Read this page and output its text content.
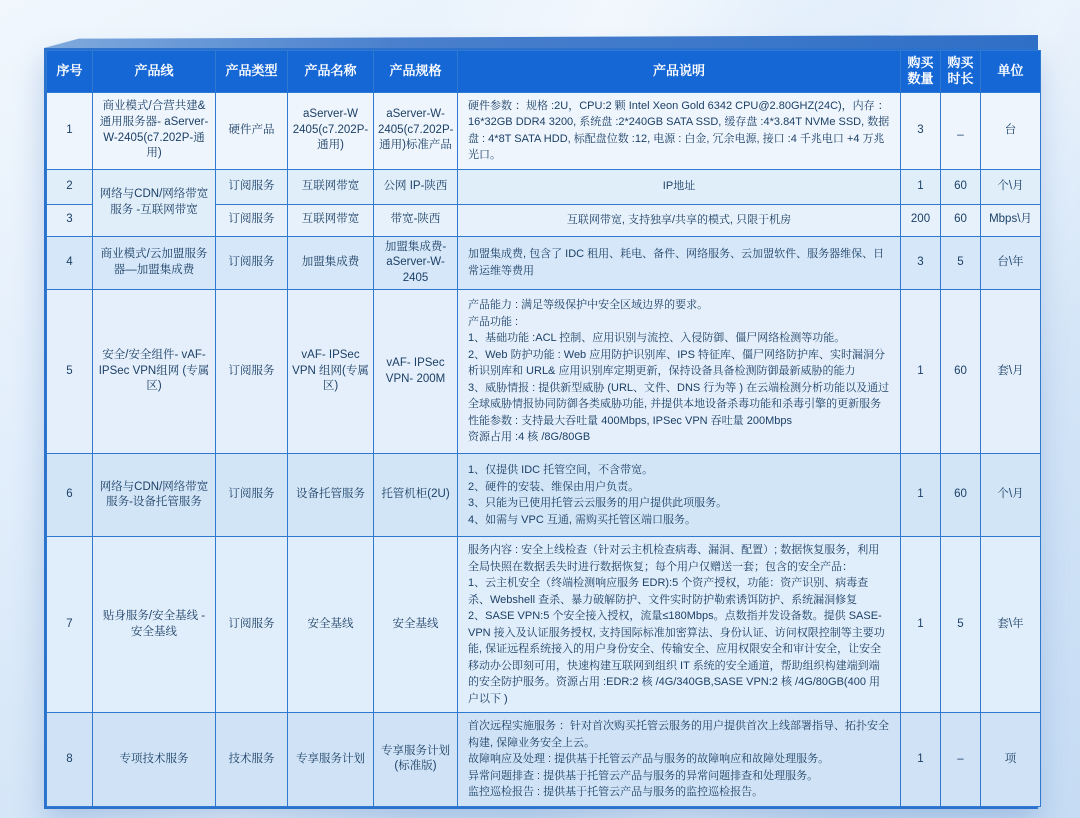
序号	产品线	产品类型	产品名称	产品规格	产品说明	购买数量	购买时长	单位
1	商业模式/合营共建&通用服务器- aServer-W-2405(c7.202P-通用)	硬件产品	aServer-W 2405(c7.202P-通用)	aServer-W-2405(c7.202P-通用)标准产品	硬件参数 ：规格 :2U，CPU:2 颗 Intel Xeon Gold 6342 CPU@2.80GHZ(24C)，内存 ：16*32GB DDR4 3200, 系统盘 :2*240GB SATA SSD, 缓存盘 :4*3.84T NVMe SSD, 数据盘 : 4*8T SATA HDD, 标配盘位数 :12, 电源 : 白金, 冗余电源, 接口 :4 千兆电口 +4 万兆光口。	3	_	台
2	网络与CDN/网络带宽服务 -互联网带宽	订阅服务	互联网带宽	公网 IP-陕西	IP地址	1	60	个\月
3		订阅服务	互联网带宽	带宽-陕西	互联网带宽, 支持独享/共享的模式, 只限于机房	200	60	Mbps\月
4	商业模式/云加盟服务器—加盟集成费	订阅服务	加盟集成费	加盟集成费-aServer-W-2405	加盟集成费, 包含了 IDC 租用、耗电、备件、网络服务、云加盟软件、服务器维保、日常运维等费用	3	5	台\年
5	安全/安全组件- vAF-IPSec VPN组网 (专属区)	订阅服务	vAF- IPSec VPN 组网(专属区)	vAF- IPSec VPN- 200M	
产品能力 : 满足等级保护中安全区域边界的要求。
产品功能 :
1、基础功能 :ACL 控制、应用识别与流控、入侵防御、僵尸网络检测等功能。
2、Web 防护功能 : Web 应用防护识别库、IPS 特征库、僵尸网络防护库、实时漏洞分析识别库和 URL& 应用识别库定期更新，保持设备具备检测防御最新威胁的能力
3、威胁情报 : 提供新型威胁 (URL、文件、DNS 行为等 ) 在云端检测分析功能以及通过全球威胁情报协同防御各类威胁功能, 并提供本地设备杀毒功能和杀毒引擎的更新服务
性能参数 : 支持最大吞吐量 400Mbps, IPSec VPN 吞吐量 200Mbps
资源占用 :4 核 /8G/80GB
	1	60	套\月
6	网络与CDN/网络带宽服务-设备托管服务	订阅服务	设备托管服务	托管机柜(2U)	1、仅提供 IDC 托管空间，不含带宽。
2、硬件的安装、维保由用户负责。
3、只能为已使用托管云云服务的用户提供此项服务。
4、如需与 VPC 互通, 需购买托管区端口服务。	1	60	个\月
7	贴身服务/安全基线 - 安全基线	订阅服务	安全基线	安全基线	服务内容 : 安全上线检查（针对云主机检查病毒、漏洞、配置）; 数据恢复服务，利用全局快照在数据丢失时进行数据恢复；每个用户仅赠送一套；包含的安全产品：
1、云主机安全（终端检测响应服务 EDR):5 个资产授权，功能：资产识别、病毒查杀、Webshell 查杀、暴力破解防护、文件实时防护勒索诱饵防护、系统漏洞修复
2、SASE VPN:5 个安全接入授权，流量≤180Mbps。点数指并发设备数。提供 SASE-VPN 接入及认证服务授权, 支持国际标准加密算法、身份认证、访问权限控制等主要功能, 保证远程系统接入的用户身份安全、传输安全、应用权限安全和审计安全，让安全移动办公即刻可用，快速构建互联网到组织 IT 系统的安全通道，帮助组织构建端到端的安全防护服务。资源占用 :EDR:2 核 /4G/340GB,SASE VPN:2 核 /4G/80GB(400 用户以下 )	1	5	套\年
8	专项技术服务	技术服务	专享服务计划	专享服务计划 (标准版)	首次远程实施服务 ：针对首次购买托管云服务的用户提供首次上线部署指导、拓扑安全构建, 保障业务安全上云。
故障响应及处理 : 提供基于托管云产品与服务的故障响应和故障处理服务。
异常问题排查 : 提供基于托管云产品与服务的异常问题排查和处理服务。
监控巡检报告 : 提供基于托管云产品与服务的监控巡检报告。	1	–	项
